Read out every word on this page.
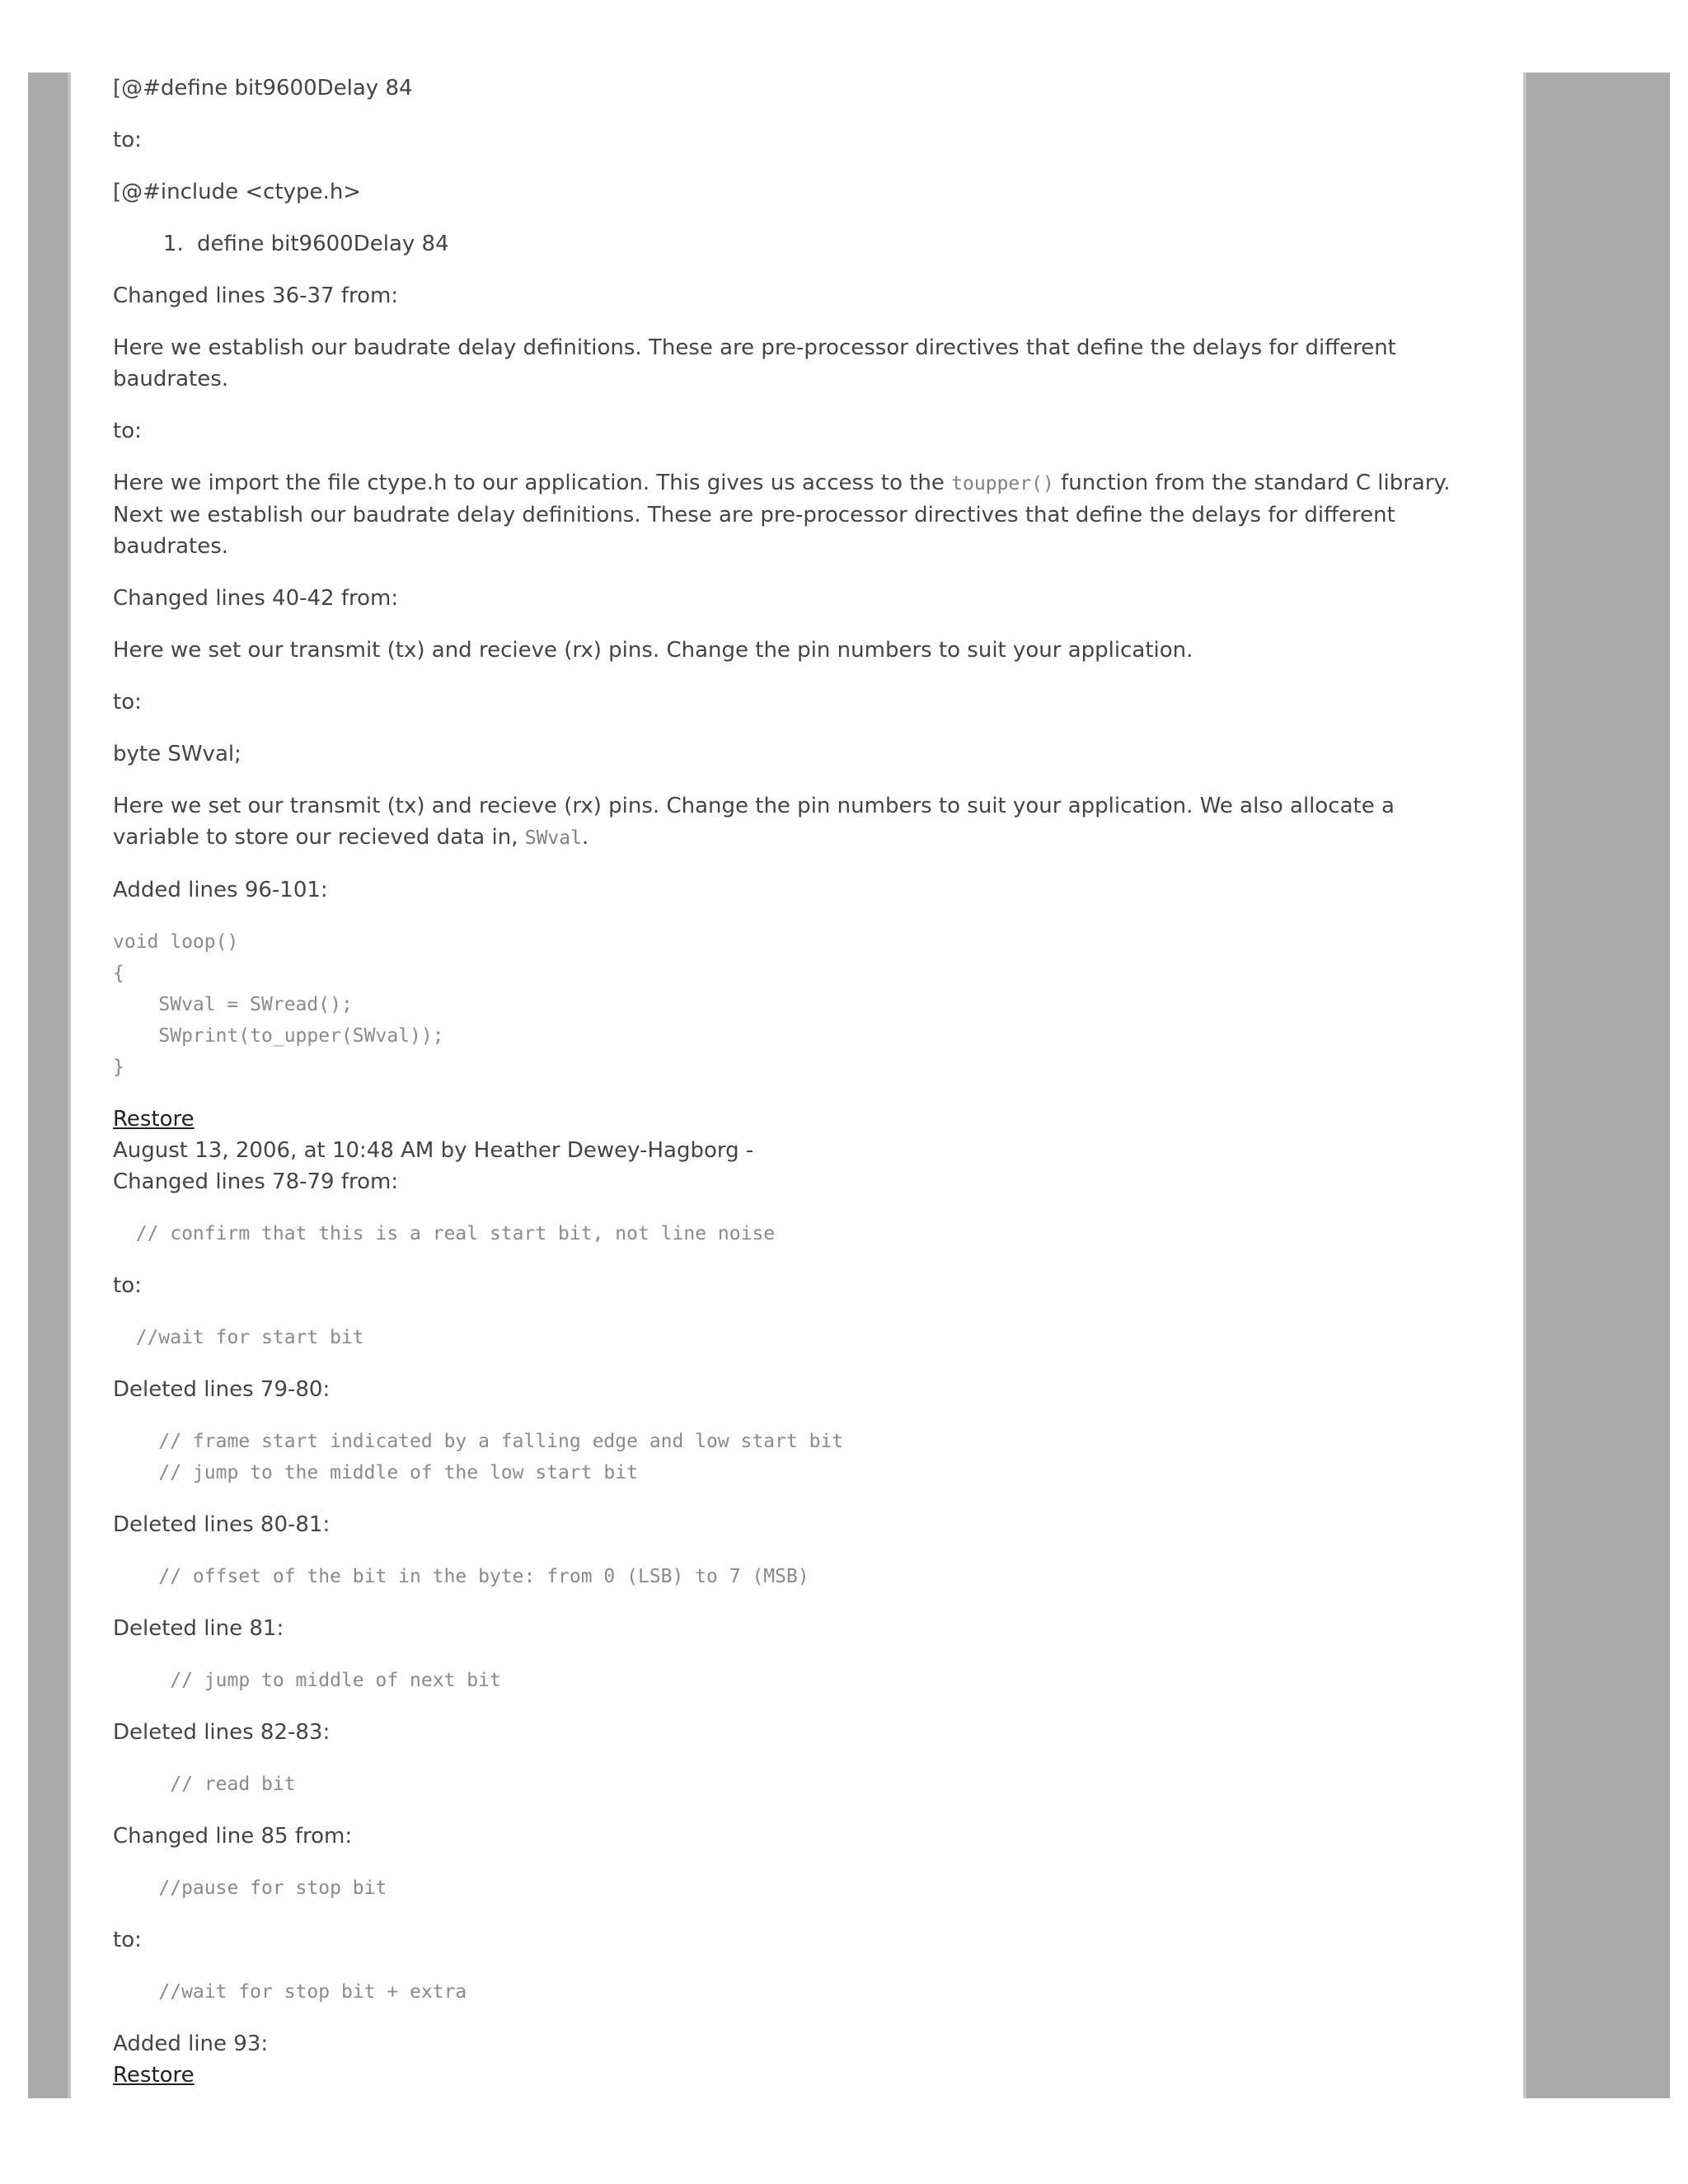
[@#define bit9600Delay 84

to:

[@#include <ctype.h>

1. define bit9600Delay 84

Changed lines 36-37 from:

Here we establish our baudrate delay definitions. These are pre-processor directives that define the delays for different baudrates.

to:

Here we import the file ctype.h to our application. This gives us access to the toupper() function from the standard C library. Next we establish our baudrate delay definitions. These are pre-processor directives that define the delays for different baudrates.

Changed lines 40-42 from:

Here we set our transmit (tx) and recieve (rx) pins. Change the pin numbers to suit your application.

to:

byte SWval;

Here we set our transmit (tx) and recieve (rx) pins. Change the pin numbers to suit your application. We also allocate a variable to store our recieved data in, SWval.

Added lines 96-101:

void loop()
{
SWval = SWread();
SWprint(to_upper(SWval));
}

Restore

August 13, 2006, at 10:48 AM by Heather Dewey-Hagborg -

Changed lines 78-79 from:

// confirm that this is a real start bit, not line noise

to:

//wait for start bit

Deleted lines 79-80:

// frame start indicated by a falling edge and low start bit
// jump to the middle of the low start bit

Deleted lines 80-81:

// offset of the bit in the byte: from 0 (LSB) to 7 (MSB)

Deleted line 81:

// jump to middle of next bit

Deleted lines 82-83:

// read bit

Changed line 85 from:

//pause for stop bit

to:

//wait for stop bit + extra

Added line 93:

Restore
